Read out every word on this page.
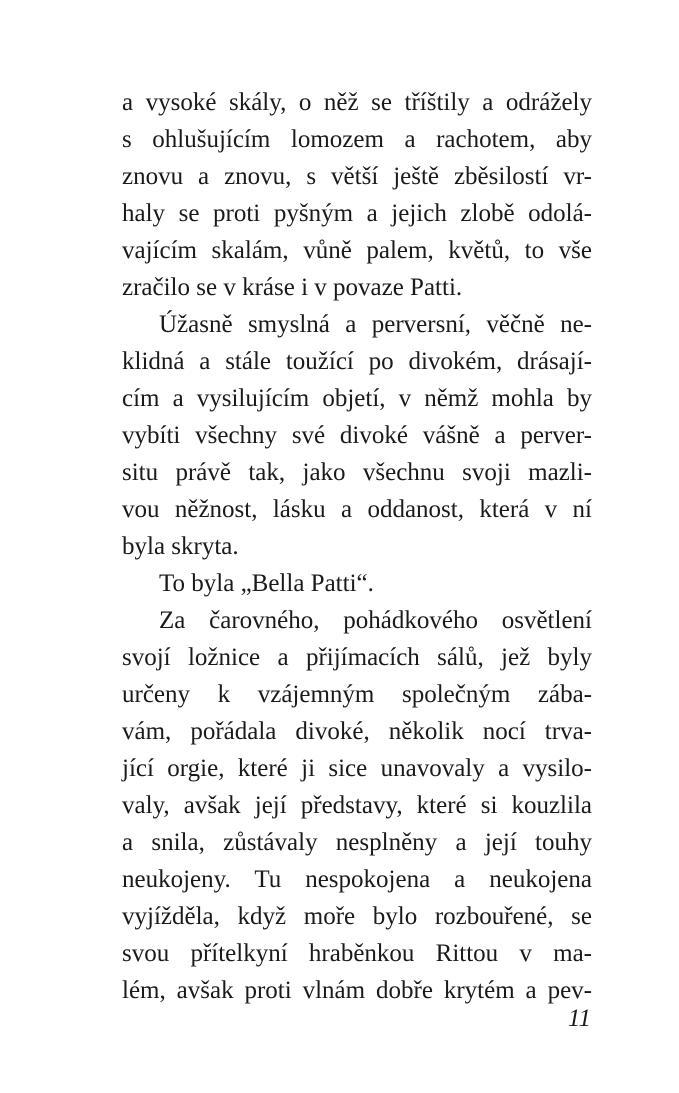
a vysoké skály, o něž se tříštily a odrážely
s ohlušujícím lomozem a rachotem, aby
znovu a znovu, s větší ještě zběsilostí vr-
haly se proti pyšným a jejich zlobě odolá-
vajícím skalám, vůně palem, květů, to vše
zračilo se v kráse i v povaze Patti.
Úžasně smyslná a perversní, věčně ne-
klidná a stále toužící po divokém, drásají-
cím a vysilujícím objetí, v němž mohla by
vybíti všechny své divoké vášně a perver-
situ právě tak, jako všechnu svoji mazli-
vou něžnost, lásku a oddanost, která v ní
byla skryta.
To byla „Bella Patti“.
Za čarovného, pohádkového osvětlení
svojí ložnice a přijímacích sálů, jež byly
určeny k vzájemným společným zába-
vám, pořádala divoké, několik nocí trva-
jící orgie, které ji sice unavovaly a vysilo-
valy, avšak její představy, které si kouzlila
a snila, zůstávaly nesplněny a její touhy
neukojeny. Tu nespokojena a neukojena
vyjížděla, když moře bylo rozbouřené, se
svou přítelkyní hraběnkou Rittou v ma-
lém, avšak proti vlnám dobře krytém a pev-
11
